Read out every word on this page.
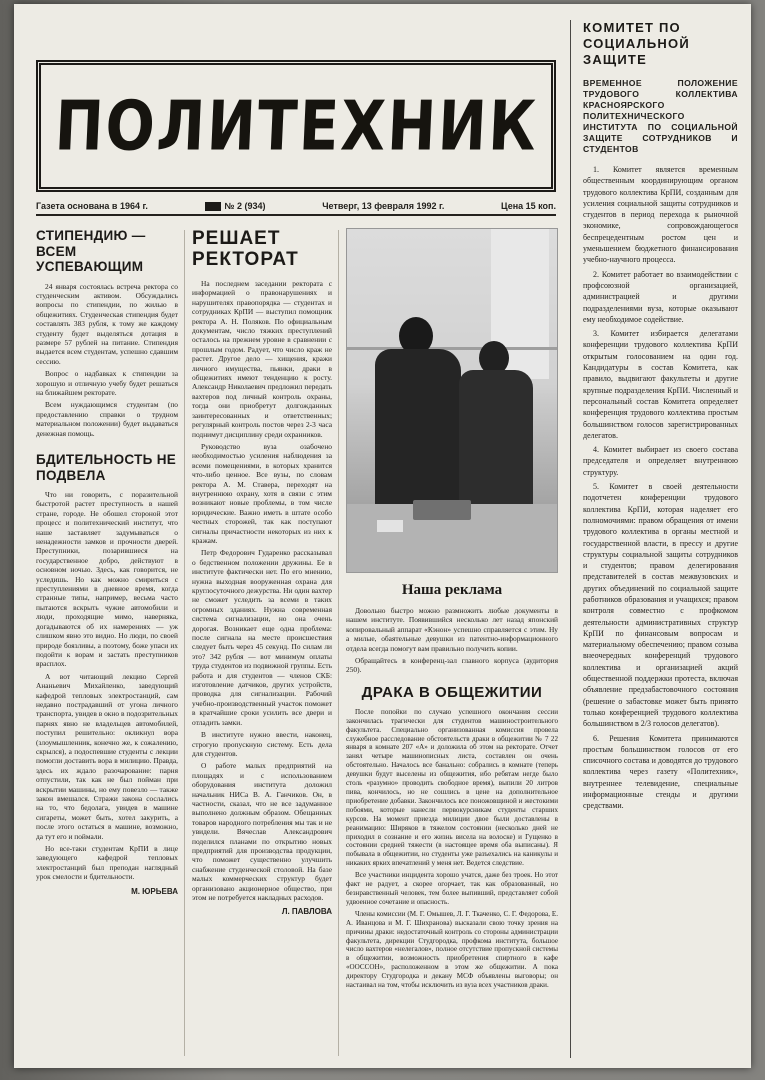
ПОЛИТЕХНИК
Газета основана в 1964 г.	№ 2 (934)	Четверг, 13 февраля 1992 г.	Цена 15 коп.
СТИПЕНДИЮ — ВСЕМ УСПЕВАЮЩИМ

24 января состоялась встреча ректора со студенческим активом. Обсуждались вопросы по стипендии, по жилью в общежитиях. Студенческая стипендия будет составлять 383 рубля, к тому же каждому студенту будет выделяться дотация в размере 57 рублей на питание. Стипендия выдается всем студентам, успешно сдавшим сессию.

Вопрос о надбавках к стипендии за хорошую и отличную учебу будет решаться на ближайшем ректорате.

Всем нуждающимся студентам (по предоставлению справки о трудном материальном положении) будет выдаваться денежная помощь.

БДИТЕЛЬНОСТЬ НЕ ПОДВЕЛА

Что ни говорить, с поразительной быстротой растет преступность в нашей стране, городе. Не обошел стороной этот процесс и политехнический институт, что наше заставляет задумываться о ненадежности замков и прочности дверей. Преступники, позарившиеся на государственное добро, действуют в основном ночью. Здесь, как говорится, не уследишь. Но как можно смириться с преступлениями в дневное время, когда странные типы, например, весьма часто пытаются вскрыть чужие автомобили и люди, проходящие мимо, наверняка, догадываются об их намерениях — уж слишком явно это видно. Но люди, по своей природе боязливы, а поэтому, боже упаси их подойти к ворам и застать преступников врасплох.

А вот читающий лекцию Сергей Ананьевич Михайленко, заведующий кафедрой тепловых электростанций, сам недавно пострадавший от угона личного транспорта, увидев в окно в подозрительных парнях явно не владельцев автомобилей, поступил решительно: окликнул вора (злоумышленник, конечно же, к сожалению, скрылся), а подоспевшие студенты с лекции помогли доставить вора в милицию. Правда, здесь их ждало разочарование: парня отпустили, так как не был пойман при вскрытии машины, но ему повезло — также закон вмешался. Стражи закона сослались на то, что бедолага, увидев в машине сигареты, может быть, хотел закурить, а после этого остаться в машине, возможно, да тут его и поймали.

Но все-таки студентам КрПИ в лице заведующего кафедрой тепловых электростанций был преподан наглядный урок смелости и бдительности.

М. ЮРЬЕВА
РЕШАЕТ РЕКТОРАТ

На последнем заседании ректората с информацией о правонарушениях и нарушителях правопорядка — студентах и сотрудниках КрПИ — выступил помощник ректора А. Н. Поляков. По официальным документам, число тяжких преступлений осталось на прежнем уровне в сравнении с прошлым годом. Радует, что число краж не растет. Другое дело — хищения, кражи личного имущества, пьянки, драки в общежитиях имеют тенденцию к росту. Александр Николаевич предложил передать вахтеров под личный контроль охраны, тогда они приобретут долгожданных заинтересованных и ответственных; регулярный контроль постов через 2-3 часа поднимут дисциплину среди охранников.

Руководство вуза озабочено необходимостью усиления наблюдения за всеми помещениями, в которых хранится что-либо ценное. Все вузы, по словам ректора А. М. Ставера, переходят на внутреннюю охрану, хотя в связи с этим возникают новые проблемы, в том числе юридические. Важно иметь в штате особо честных сторожей, так как поступают сигналы причастности некоторых из них к кражам.

Петр Федорович Гударенко рассказывал о бедственном положении дружины. Ее в институте фактически нет. По его мнению, нужна выходная вооруженная охрана для круглосуточного дежурства. Ни один вахтер не сможет уследить за всеми в таких огромных зданиях. Нужна современная система сигнализации, но она очень дорогая. Возникает еще одна проблема: после сигнала на месте происшествия следует быть через 45 секунд. По силам ли это? 342 рубля — вот минимум оплаты труда студентов из подвижной группы. Есть работа и для студентов — членов СКБ: изготовление датчиков, других устройств, проводка для сигнализации. Рабочий учебно-производственный участок поможет в кратчайшие сроки усилить все двери и отладить замки.

В институте нужно ввести, наконец, строгую пропускную систему. Есть дела для студентов.

О работе малых предприятий на площадях и с использованием оборудования института доложил начальник НИСа В. А. Ганчиков. Он, в частности, сказал, что не все задуманное выполнено должным образом. Обещанных товаров народного потребления мы так и не увидели. Вячеслав Александрович поделился планами по открытию новых предприятий для производства продукции, что поможет существенно улучшить снабжение студенческой столовой. На базе малых коммерческих структур будет организовано акционерное общество, при этом не потребуется накладных расходов.

Л. ПАВЛОВА
Наша реклама

Довольно быстро можно размножить любые документы в нашем институте. Появившийся несколько лет назад японский копировальный аппарат «Кэнон» успешно справляется с этим. Ну а милые, обаятельные девушки из патентно-информационного отдела всегда помогут вам правильно получить копии.

Обращайтесь в конференц-зал главного корпуса (аудитория 250).

ДРАКА В ОБЩЕЖИТИИ

После попойки по случаю успешного окончания сессии закончилась трагически для студентов машиностроительного факультета. Специально организованная комиссия провела служебное расследование обстоятельств драки в общежитии № 7 22 января в комнате 207 «А» и доложила об этом на ректорате. Отчет занял четыре машинописных листа, составлен он очень обстоятельно. Началось все банально: собрались в комнате (теперь девушки будут выселены из общежития, ибо ребятам негде было столь «разумно» проводить свободное время), выпили 20 литров пива, кончилось, но не сошлись в цене на дополнительное приобретение добавки. Закончилось все поножовщиной и жестокими побоями, которые нанесли первокурсникам студенты старших курсов. На момент приезда милиции двое были доставлены в реанимацию: Ширяков в тяжелом состоянии (несколько дней не приходил в сознание и его жизнь висела на волоске) и Гущенко в состоянии средней тяжести (в настоящее время оба выписаны). Я побывала в общежитии, но студенты уже разъехались на каникулы и никаких ярких впечатлений у меня нет. Ведется следствие.

Все участники инцидента хорошо учатся, даже без троек. Но этот факт не радует, а скорее огорчает, так как образованный, но безнравственный человек, тем более выпивший, представляет собой удвоенное сочетание и опасность.

Члены комиссии (М. Г. Омышев, Л. Г. Ткаченко, С. Г. Федорова, Е. А. Иванцова и М. Г. Шихранова) высказали свою точку зрения на причины драки: недостаточный контроль со стороны администрации факультета, дирекции Студгородка, профкома института, большое число вахтеров «нелегалов», полное отсутствие пропускной системы в общежитии, возможность приобретения спиртного в кафе «ООССОН», расположенном в этом же общежитии. А пока директору Студгородка и декану МСФ объявлены выговоры; он настаивал на том, чтобы исключить из вуза всех участников драки.

КОМИТЕТ ПО СОЦИАЛЬНОЙ ЗАЩИТЕ
ВРЕМЕННОЕ ПОЛОЖЕНИЕ ТРУДОВОГО КОЛЛЕКТИВА КРАСНОЯРСКОГО ПОЛИТЕХНИЧЕСКОГО ИНСТИТУТА ПО СОЦИАЛЬНОЙ ЗАЩИТЕ СОТРУДНИКОВ И СТУДЕНТОВ

1. Комитет является временным общественным координирующим органом трудового коллектива КрПИ, созданным для усиления социальной защиты сотрудников и студентов в период перехода к рыночной экономике, сопровождающегося беспрецедентным ростом цен и уменьшением бюджетного финансирования учебно-научного процесса.

2. Комитет работает во взаимодействии с профсоюзной организацией, администрацией и другими подразделениями вуза, которые оказывают ему необходимое содействие.

3. Комитет избирается делегатами конференции трудового коллектива КрПИ открытым голосованием на один год. Кандидатуры в состав Комитета, как правило, выдвигают факультеты и другие крупные подразделения КрПИ. Численный и персональный состав Комитета определяет конференция трудового коллектива простым большинством голосов зарегистрированных делегатов.

4. Комитет выбирает из своего состава председателя и определяет внутреннюю структуру.

5. Комитет в своей деятельности подотчетен конференции трудового коллектива КрПИ, которая наделяет его полномочиями: правом обращения от имени трудового коллектива в органы местной и государственной власти, в прессу и другие структуры социальной защиты сотрудников и студентов; правом делегирования представителей в состав межвузовских и других объединений по социальной защите работников образования и учащихся; правом контроля совместно с профкомом деятельности административных структур КрПИ по финансовым вопросам и материальному обеспечению; правом созыва внеочередных конференций трудового коллектива и организацией акций общественной поддержки протеста, включая объявление предзабастовочного состояния (решение о забастовке может быть принято только конференцией трудового коллектива большинством в 2/3 голосов делегатов).

6. Решения Комитета принимаются простым большинством голосов от его списочного состава и доводятся до трудового коллектива через газету «Политехник», внутреннее телевидение, специальные информационные стенды и другими средствами.
